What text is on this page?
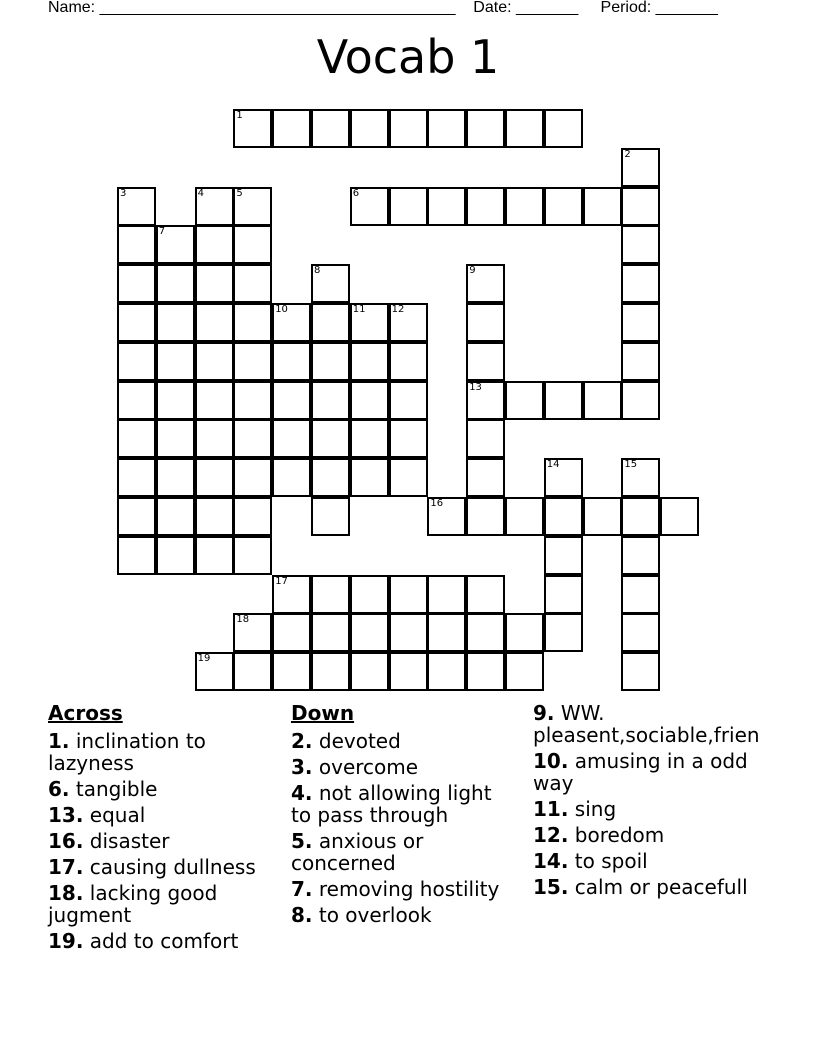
Name: ________________________________________ Date: _______ Period: _______
Vocab 1
1
2
3	4	5	6
7
8	9
10	11	12
13
14	15
16
17
18
19
Across
1. inclination to lazyness
6. tangible
13. equal
16. disaster
17. causing dullness
18. lacking good jugment
19. add to comfort
Down
2. devoted
3. overcome
4. not allowing light to pass through
5. anxious or concerned
7. removing hostility
8. to overlook
9. WW. pleasent,sociable,frien
10. amusing in a odd way
11. sing
12. boredom
14. to spoil
15. calm or peacefull
